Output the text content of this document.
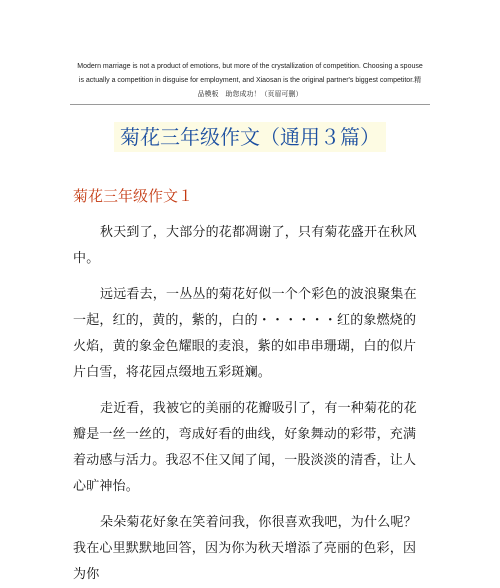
Modern marriage is not a product of emotions, but more of the crystallization of competition. Choosing a spouse
is actually a competition in disguise for employment, and Xiaosan is the original partner's biggest competitor.精
品模板　助您成功！（页眉可删）
菊花三年级作文（通用３篇）
菊花三年级作文１
秋天到了，大部分的花都凋谢了，只有菊花盛开在秋风中。
远远看去，一丛丛的菊花好似一个个彩色的波浪聚集在一起，红的，黄的，紫的，白的・・・・・・红的象燃烧的火焰，黄的象金色耀眼的麦浪，紫的如串串珊瑚，白的似片片白雪，将花园点缀地五彩斑斓。
走近看，我被它的美丽的花瓣吸引了，有一种菊花的花瓣是一丝一丝的，弯成好看的曲线，好象舞动的彩带，充满着动感与活力。我忍不住又闻了闻，一股淡淡的清香，让人心旷神怡。
朵朵菊花好象在笑着问我，你很喜欢我吧，为什么呢？我在心里默默地回答，因为你为秋天增添了亮丽的色彩，因为你
